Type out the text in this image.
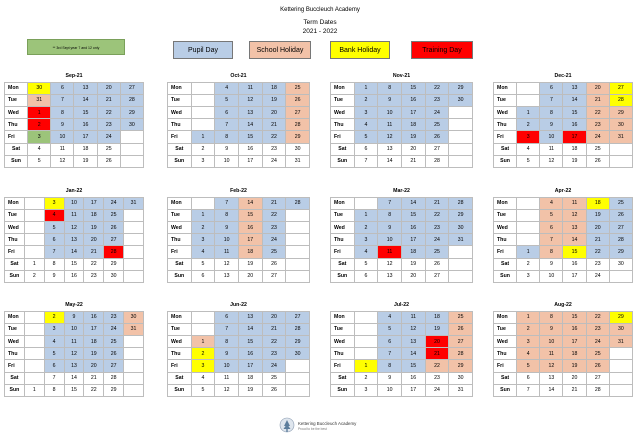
Kettering Buccleuch Academy
Term Dates
2021 - 2022
** 3rd Sept year 7 and 12 only	Pupil Day	School Holiday	Bank Holiday	Training Day
Sep-21					
Mon	30	6	13	20	27
Tue	31	7	14	21	28
Wed	1	8	15	22	29
Thu	2	9	16	23	30
Fri	3	10	17	24	
Sat	4	11	18	25	
Sun	5	12	19	26	
Oct-21					
Mon		4	11	18	25
Tue		5	12	19	26
Wed		6	13	20	27
Thu		7	14	21	28
Fri	1	8	15	22	29
Sat	2	9	16	23	30
Sun	3	10	17	24	31
Nov-21					
Mon	1	8	15	22	29
Tue	2	9	16	23	30
Wed	3	10	17	24	
Thu	4	11	18	25	
Fri	5	12	19	26	
Sat	6	13	20	27	
Sun	7	14	21	28	
Dec-21					
Mon		6	13	20	27
Tue		7	14	21	28
Wed	1	8	15	22	29
Thu	2	9	16	23	30
Fri	3	10	17	24	31
Sat	4	11	18	25	
Sun	5	12	19	26	
Jan-22						
Mon		3	10	17	24	31
Tue		4	11	18	25	
Wed		5	12	19	26	
Thu		6	13	20	27	
Fri		7	14	21	28	
Sat	1	8	15	22	29	
Sun	2	9	16	23	30	
Feb-22					
Mon		7	14	21	28
Tue	1	8	15	22	
Wed	2	9	16	23	
Thu	3	10	17	24	
Fri	4	11	18	25	
Sat	5	12	19	26	
Sun	6	13	20	27	
Mar-22					
Mon		7	14	21	28
Tue	1	8	15	22	29
Wed	2	9	16	23	30
Thu	3	10	17	24	31
Fri	4	11	18	25	
Sat	5	12	19	26	
Sun	6	13	20	27	
Apr-22					
Mon		4	11	18	25
Tue		5	12	19	26
Wed		6	13	20	27
Thu		7	14	21	28
Fri	1	8	15	22	29
Sat	2	9	16	23	30
Sun	3	10	17	24	
May-22						
Mon		2	9	16	23	30
Tue		3	10	17	24	31
Wed		4	11	18	25	
Thu		5	12	19	26	
Fri		6	13	20	27	
Sat		7	14	21	28	
Sun	1	8	15	22	29	
Jun-22					
Mon		6	13	20	27
Tue		7	14	21	28
Wed	1	8	15	22	29
Thu	2	9	16	23	30
Fri	3	10	17	24	
Sat	4	11	18	25	
Sun	5	12	19	26	
Jul-22					
Mon		4	11	18	25
Tue		5	12	19	26
Wed		6	13	20	27
Thu		7	14	21	28
Fri	1	8	15	22	29
Sat	2	9	16	23	30
Sun	3	10	17	24	31
Aug-22					
Mon	1	8	15	22	29
Tue	2	9	16	23	30
Wed	3	10	17	24	31
Thu	4	11	18	25	
Fri	5	12	19	26	
Sat	6	13	20	27	
Sun	7	14	21	28	
Kettering Buccleuch Academy
Proud to be the best
